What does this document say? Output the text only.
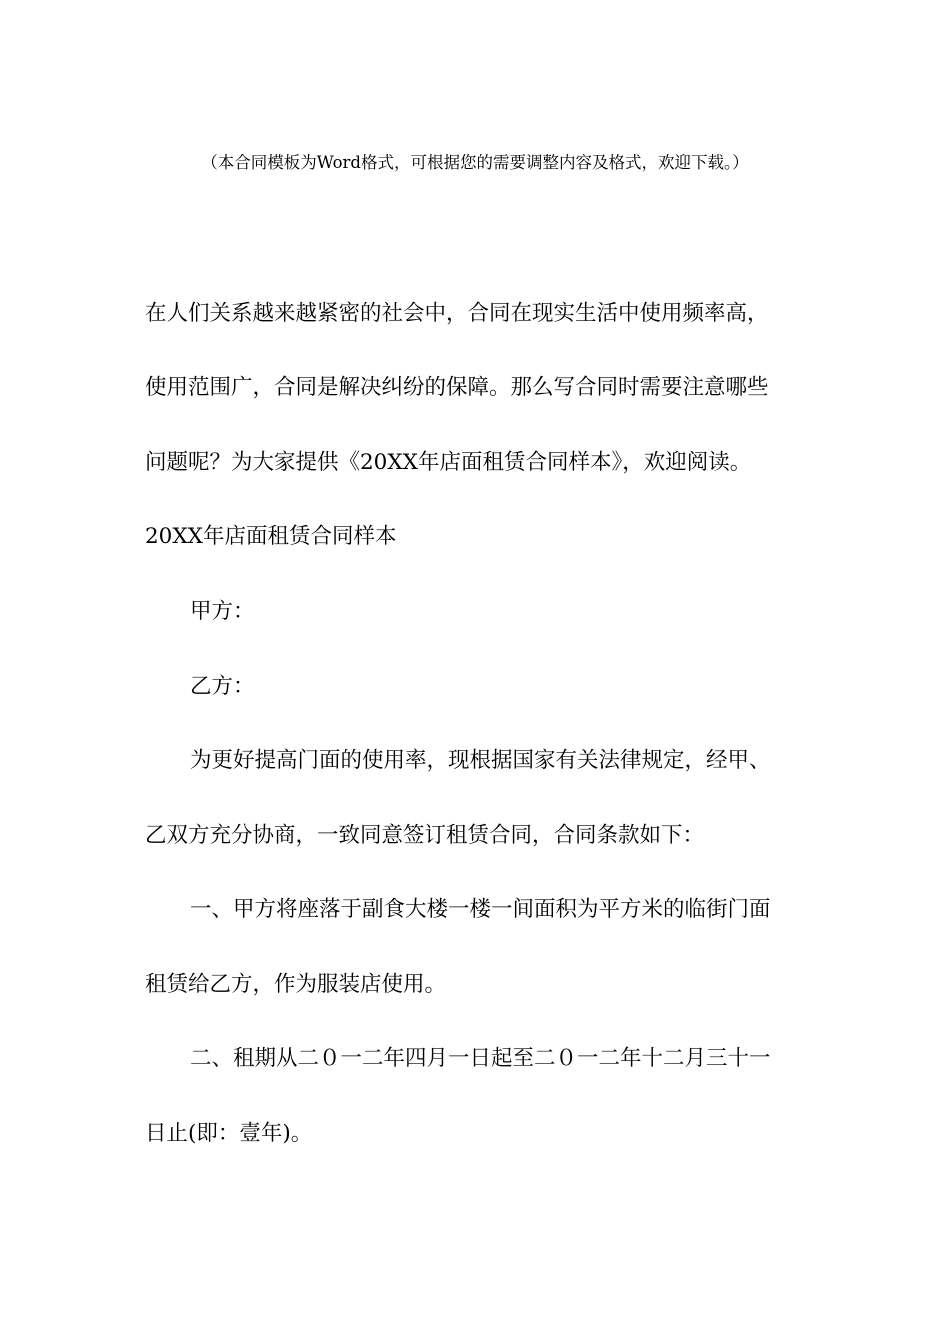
（本合同模板为Word格式，可根据您的需要调整内容及格式，欢迎下载。）
在人们关系越来越紧密的社会中，合同在现实生活中使用频率高，
使用范围广，合同是解决纠纷的保障。那么写合同时需要注意哪些
问题呢？为大家提供《20XX年店面租赁合同样本》，欢迎阅读。
20XX年店面租赁合同样本
甲方：
乙方：
为更好提高门面的使用率，现根据国家有关法律规定，经甲、
乙双方充分协商，一致同意签订租赁合同，合同条款如下：
一、甲方将座落于副食大楼一楼一间面积为平方米的临街门面
租赁给乙方，作为服装店使用。
二、租期从二０一二年四月一日起至二０一二年十二月三十一
日止(即：壹年)。
